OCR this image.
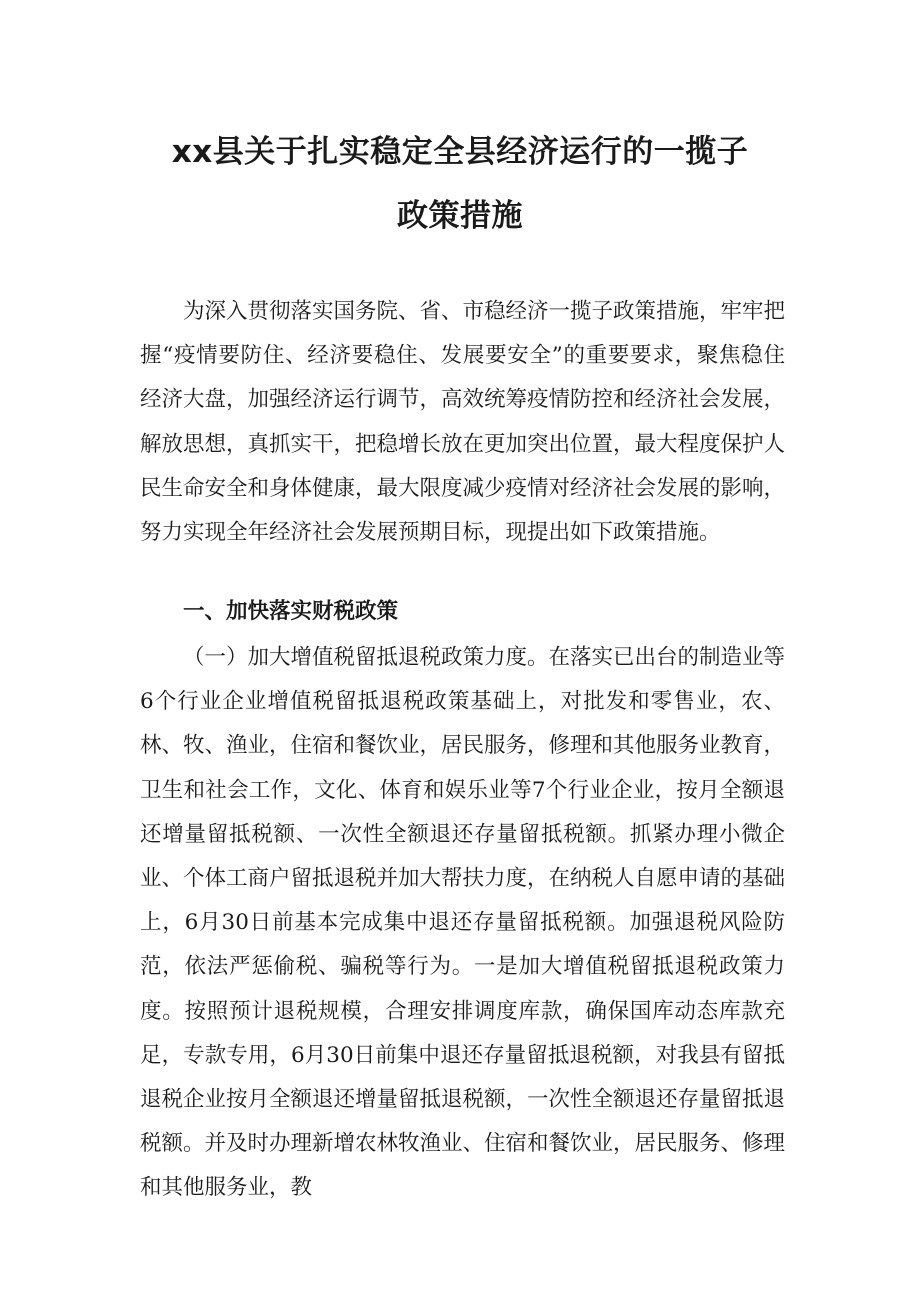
xx县关于扎实稳定全县经济运行的一揽子
政策措施

为深入贯彻落实国务院、省、市稳经济一揽子政策措施，牢牢把握“疫情要防住、经济要稳住、发展要安全”的重要要求，聚焦稳住经济大盘，加强经济运行调节，高效统筹疫情防控和经济社会发展，解放思想，真抓实干，把稳增长放在更加突出位置，最大程度保护人民生命安全和身体健康，最大限度减少疫情对经济社会发展的影响，努力实现全年经济社会发展预期目标，现提出如下政策措施。

一、加快落实财税政策

（一）加大增值税留抵退税政策力度。在落实已出台的制造业等6个行业企业增值税留抵退税政策基础上，对批发和零售业，农、林、牧、渔业，住宿和餐饮业，居民服务，修理和其他服务业教育，卫生和社会工作，文化、体育和娱乐业等7个行业企业，按月全额退还增量留抵税额、一次性全额退还存量留抵税额。抓紧办理小微企业、个体工商户留抵退税并加大帮扶力度，在纳税人自愿申请的基础上，6月30日前基本完成集中退还存量留抵税额。加强退税风险防范，依法严惩偷税、骗税等行为。一是加大增值税留抵退税政策力度。按照预计退税规模，合理安排调度库款，确保国库动态库款充足，专款专用，6月30日前集中退还存量留抵退税额，对我县有留抵退税企业按月全额退还增量留抵退税额，一次性全额退还存量留抵退税额。并及时办理新增农林牧渔业、住宿和餐饮业，居民服务、修理和其他服务业，教
